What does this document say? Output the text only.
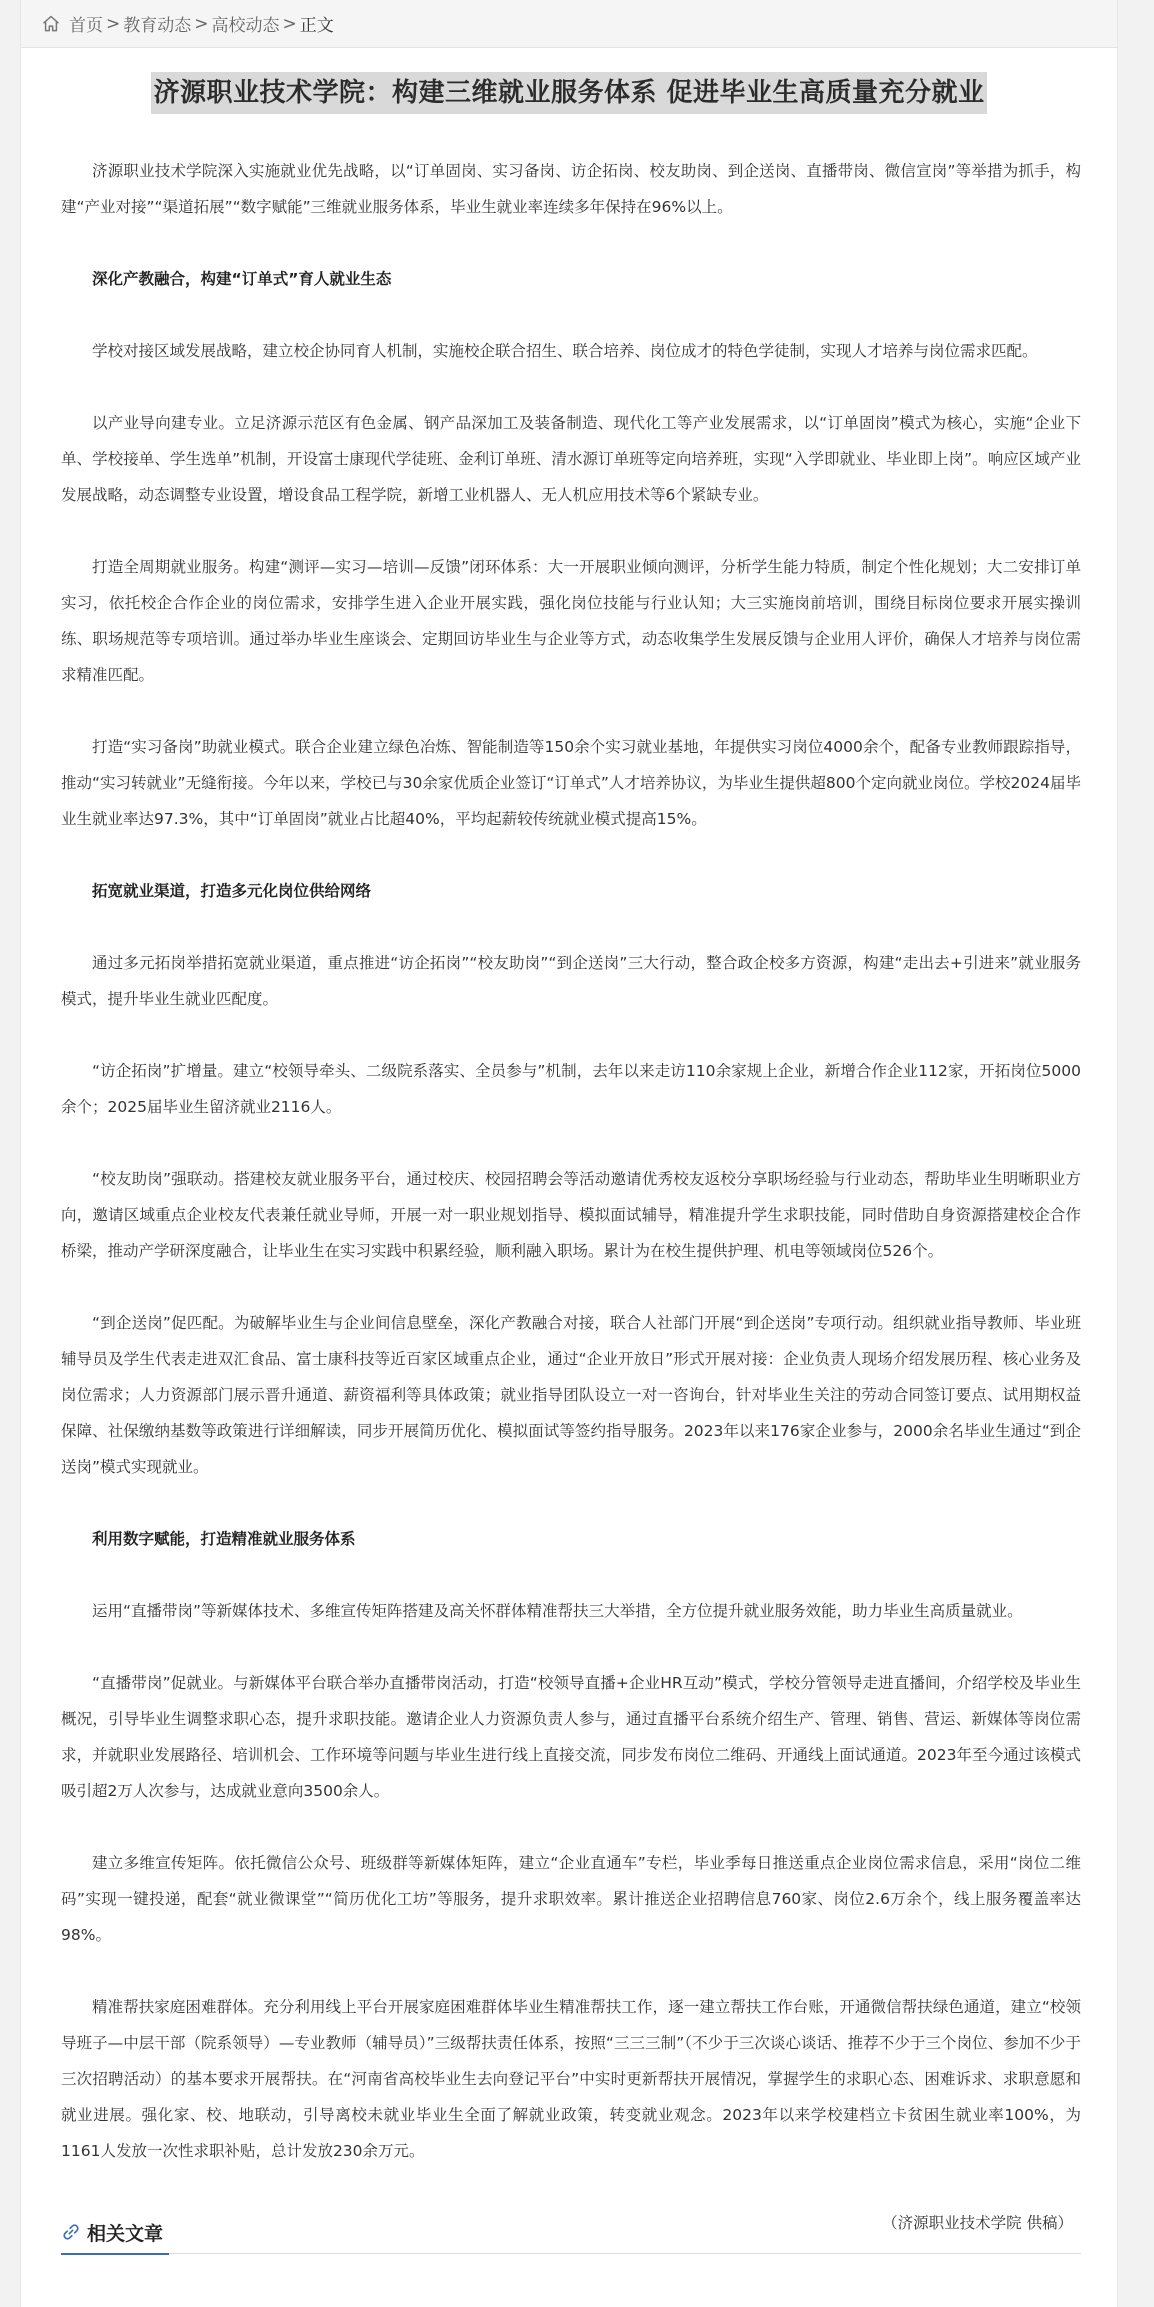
首页 > 教育动态 > 高校动态 > 正文
济源职业技术学院：构建三维就业服务体系 促进毕业生高质量充分就业

济源职业技术学院深入实施就业优先战略，以“订单固岗、实习备岗、访企拓岗、校友助岗、到企送岗、直播带岗、微信宣岗”等举措为抓手，构建“产业对接”“渠道拓展”“数字赋能”三维就业服务体系，毕业生就业率连续多年保持在96%以上。

深化产教融合，构建“订单式”育人就业生态

学校对接区域发展战略，建立校企协同育人机制，实施校企联合招生、联合培养、岗位成才的特色学徒制，实现人才培养与岗位需求匹配。

以产业导向建专业。立足济源示范区有色金属、钢产品深加工及装备制造、现代化工等产业发展需求，以“订单固岗”模式为核心，实施“企业下单、学校接单、学生选单”机制，开设富士康现代学徒班、金利订单班、清水源订单班等定向培养班，实现“入学即就业、毕业即上岗”。响应区域产业发展战略，动态调整专业设置，增设食品工程学院，新增工业机器人、无人机应用技术等6个紧缺专业。

打造全周期就业服务。构建“测评—实习—培训—反馈”闭环体系：大一开展职业倾向测评，分析学生能力特质，制定个性化规划；大二安排订单实习，依托校企合作企业的岗位需求，安排学生进入企业开展实践，强化岗位技能与行业认知；大三实施岗前培训，围绕目标岗位要求开展实操训练、职场规范等专项培训。通过举办毕业生座谈会、定期回访毕业生与企业等方式，动态收集学生发展反馈与企业用人评价，确保人才培养与岗位需求精准匹配。

打造“实习备岗”助就业模式。联合企业建立绿色冶炼、智能制造等150余个实习就业基地，年提供实习岗位4000余个，配备专业教师跟踪指导，推动“实习转就业”无缝衔接。今年以来，学校已与30余家优质企业签订“订单式”人才培养协议，为毕业生提供超800个定向就业岗位。学校2024届毕业生就业率达97.3%，其中“订单固岗”就业占比超40%，平均起薪较传统就业模式提高15%。

拓宽就业渠道，打造多元化岗位供给网络

通过多元拓岗举措拓宽就业渠道，重点推进“访企拓岗”“校友助岗”“到企送岗”三大行动，整合政企校多方资源，构建“走出去+引进来”就业服务模式，提升毕业生就业匹配度。

“访企拓岗”扩增量。建立“校领导牵头、二级院系落实、全员参与”机制，去年以来走访110余家规上企业，新增合作企业112家，开拓岗位5000余个；2025届毕业生留济就业2116人。

“校友助岗”强联动。搭建校友就业服务平台，通过校庆、校园招聘会等活动邀请优秀校友返校分享职场经验与行业动态，帮助毕业生明晰职业方向，邀请区域重点企业校友代表兼任就业导师，开展一对一职业规划指导、模拟面试辅导，精准提升学生求职技能，同时借助自身资源搭建校企合作桥梁，推动产学研深度融合，让毕业生在实习实践中积累经验，顺利融入职场。累计为在校生提供护理、机电等领域岗位526个。

“到企送岗”促匹配。为破解毕业生与企业间信息壁垒，深化产教融合对接，联合人社部门开展“到企送岗”专项行动。组织就业指导教师、毕业班辅导员及学生代表走进双汇食品、富士康科技等近百家区域重点企业，通过“企业开放日”形式开展对接：企业负责人现场介绍发展历程、核心业务及岗位需求；人力资源部门展示晋升通道、薪资福利等具体政策；就业指导团队设立一对一咨询台，针对毕业生关注的劳动合同签订要点、试用期权益保障、社保缴纳基数等政策进行详细解读，同步开展简历优化、模拟面试等签约指导服务。2023年以来176家企业参与，2000余名毕业生通过“到企送岗”模式实现就业。

利用数字赋能，打造精准就业服务体系

运用“直播带岗”等新媒体技术、多维宣传矩阵搭建及高关怀群体精准帮扶三大举措，全方位提升就业服务效能，助力毕业生高质量就业。

“直播带岗”促就业。与新媒体平台联合举办直播带岗活动，打造“校领导直播+企业HR互动”模式，学校分管领导走进直播间，介绍学校及毕业生概况，引导毕业生调整求职心态，提升求职技能。邀请企业人力资源负责人参与，通过直播平台系统介绍生产、管理、销售、营运、新媒体等岗位需求，并就职业发展路径、培训机会、工作环境等问题与毕业生进行线上直接交流，同步发布岗位二维码、开通线上面试通道。2023年至今通过该模式吸引超2万人次参与，达成就业意向3500余人。

建立多维宣传矩阵。依托微信公众号、班级群等新媒体矩阵，建立“企业直通车”专栏，毕业季每日推送重点企业岗位需求信息，采用“岗位二维码”实现一键投递，配套“就业微课堂”“简历优化工坊”等服务，提升求职效率。累计推送企业招聘信息760家、岗位2.6万余个，线上服务覆盖率达98%。

精准帮扶家庭困难群体。充分利用线上平台开展家庭困难群体毕业生精准帮扶工作，逐一建立帮扶工作台账，开通微信帮扶绿色通道，建立“校领导班子—中层干部（院系领导）—专业教师（辅导员）”三级帮扶责任体系，按照“三三三制”（不少于三次谈心谈话、推荐不少于三个岗位、参加不少于三次招聘活动）的基本要求开展帮扶。在“河南省高校毕业生去向登记平台”中实时更新帮扶开展情况，掌握学生的求职心态、困难诉求、求职意愿和就业进展。强化家、校、地联动，引导离校未就业毕业生全面了解就业政策，转变就业观念。2023年以来学校建档立卡贫困生就业率100%，为1161人发放一次性求职补贴，总计发放230余万元。

（济源职业技术学院 供稿）

相关文章
